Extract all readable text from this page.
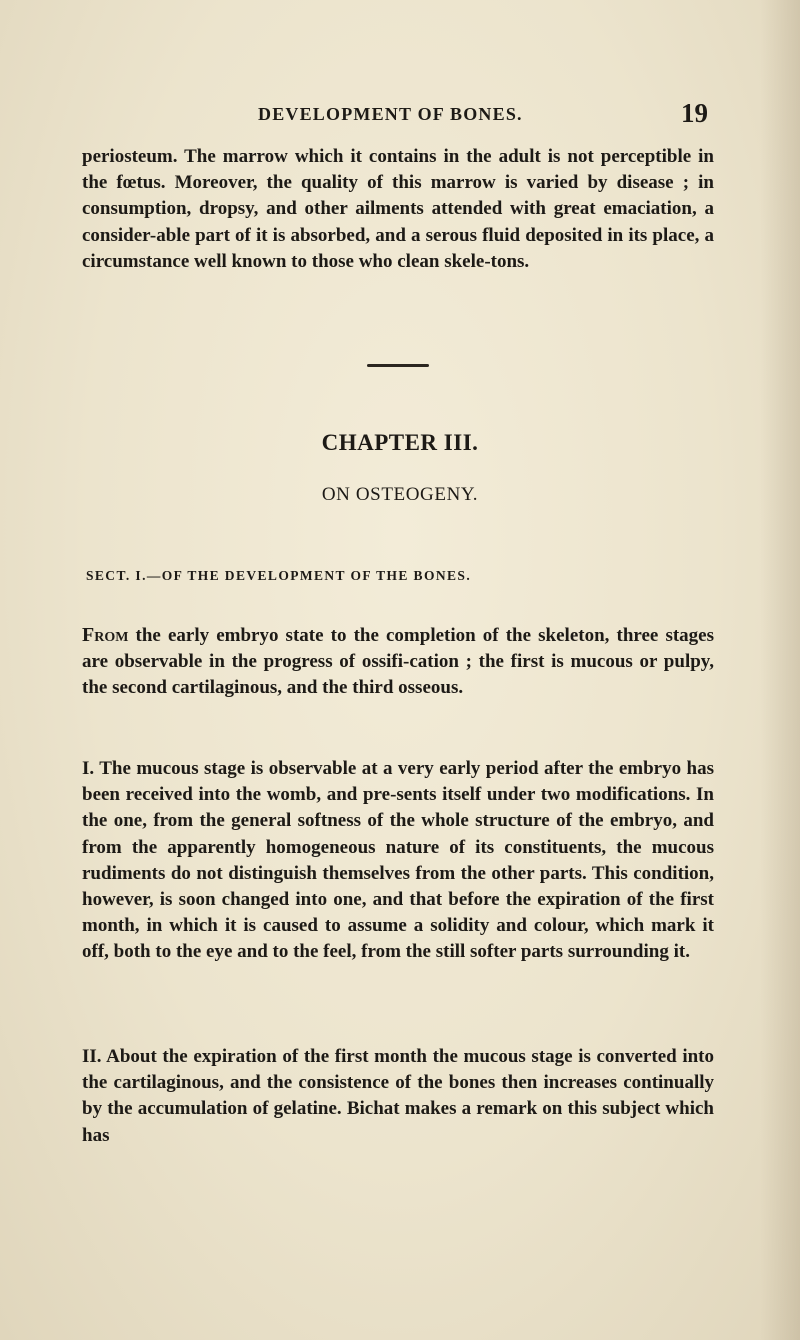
DEVELOPMENT OF BONES.	19

periosteum. The marrow which it contains in the adult is not perceptible in the fœtus. Moreover, the quality of this marrow is varied by disease ; in consumption, dropsy, and other ailments attended with great emaciation, a consider-able part of it is absorbed, and a serous fluid deposited in its place, a circumstance well known to those who clean skele-tons.

CHAPTER III.
ON OSTEOGENY.
SECT. I.—OF THE DEVELOPMENT OF THE BONES.

From the early embryo state to the completion of the skeleton, three stages are observable in the progress of ossifi-cation ; the first is mucous or pulpy, the second cartilaginous, and the third osseous.

I. The mucous stage is observable at a very early period after the embryo has been received into the womb, and pre-sents itself under two modifications. In the one, from the general softness of the whole structure of the embryo, and from the apparently homogeneous nature of its constituents, the mucous rudiments do not distinguish themselves from the other parts. This condition, however, is soon changed into one, and that before the expiration of the first month, in which it is caused to assume a solidity and colour, which mark it off, both to the eye and to the feel, from the still softer parts surrounding it.

II. About the expiration of the first month the mucous stage is converted into the cartilaginous, and the consistence of the bones then increases continually by the accumulation of gelatine. Bichat makes a remark on this subject which has
